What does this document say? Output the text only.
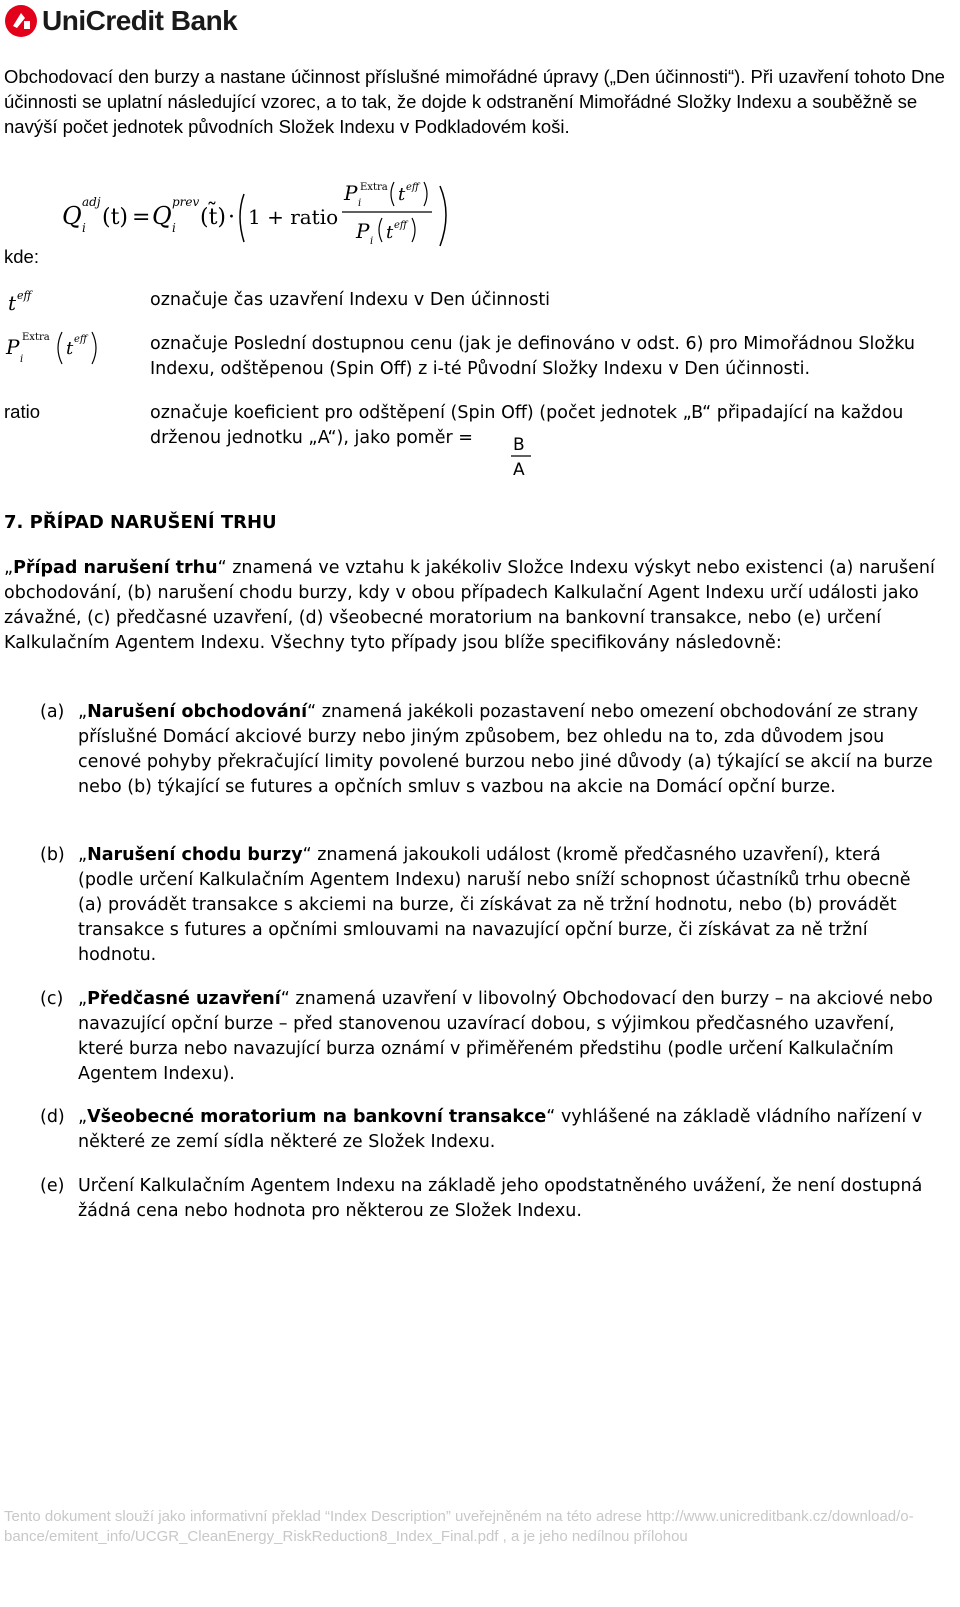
UniCredit Bank
Obchodovací den burzy a nastane účinnost příslušné mimořádné úpravy („Den účinnosti“). Při uzavření tohoto Dne účinnosti se uplatní následující vzorec, a to tak, že dojde k odstranění Mimořádné Složky Indexu a souběžně se navýší počet jednotek původních Složek Indexu v Podkladovém koši.
Q adj
i (t) = Q prev
i (t̃) · 1 + ratio
P Extra
i t eff
P i t eff
kde:
t eff	označuje čas uzavření Indexu v Den účinnosti
P Extra
i
t eff	označuje Poslední dostupnou cenu (jak je definováno v odst. 6) pro Mimořádnou Složku Indexu, odštěpenou (Spin Off) z i-té Původní Složky Indexu v Den účinnosti.
ratio	označuje koeficient pro odštěpení (Spin Off) (počet jednotek „B“ připadající na každou drženou jednotku „A“), jako poměr =	B
A
7. PŘÍPAD NARUŠENÍ TRHU
„Případ narušení trhu“ znamená ve vztahu k jakékoliv Složce Indexu výskyt nebo existenci (a) narušení obchodování, (b) narušení chodu burzy, kdy v obou případech Kalkulační Agent Indexu určí události jako závažné, (c) předčasné uzavření, (d) všeobecné moratorium na bankovní transakce, nebo (e) určení Kalkulačním Agentem Indexu. Všechny tyto případy jsou blíže specifikovány následovně:
(a) „Narušení obchodování“ znamená jakékoli pozastavení nebo omezení obchodování ze strany příslušné Domácí akciové burzy nebo jiným způsobem, bez ohledu na to, zda důvodem jsou cenové pohyby překračující limity povolené burzou nebo jiné důvody (a) týkající se akcií na burze nebo (b) týkající se futures a opčních smluv s vazbou na akcie na Domácí opční burze.
(b) „Narušení chodu burzy“ znamená jakoukoli událost (kromě předčasného uzavření), která (podle určení Kalkulačním Agentem Indexu) naruší nebo sníží schopnost účastníků trhu obecně (a) provádět transakce s akciemi na burze, či získávat za ně tržní hodnotu, nebo (b) provádět transakce s futures a opčními smlouvami na navazující opční burze, či získávat za ně tržní hodnotu.
(c) „Předčasné uzavření“ znamená uzavření v libovolný Obchodovací den burzy – na akciové nebo navazující opční burze – před stanovenou uzavírací dobou, s výjimkou předčasného uzavření, které burza nebo navazující burza oznámí v přiměřeném předstihu (podle určení Kalkulačním Agentem Indexu).
(d) „Všeobecné moratorium na bankovní transakce“ vyhlášené na základě vládního nařízení v některé ze zemí sídla některé ze Složek Indexu.
(e) Určení Kalkulačním Agentem Indexu na základě jeho opodstatněného uvážení, že není dostupná žádná cena nebo hodnota pro některou ze Složek Indexu.
Tento dokument slouží jako informativní překlad “Index Description” uveřejněném na této adrese http://www.unicreditbank.cz/download/o-bance/emitent_info/UCGR_CleanEnergy_RiskReduction8_Index_Final.pdf , a je jeho nedílnou přílohou
